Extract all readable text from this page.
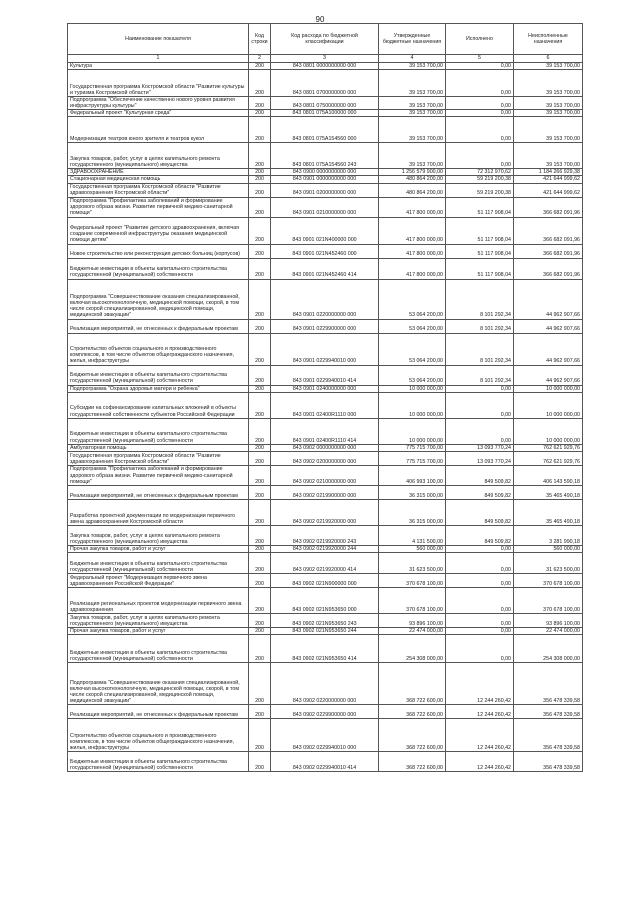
90
Наименование показателя	Код строки	Код расхода по бюджетной классификации	Утвержденные бюджетные назначения	Исполнено	Неисполненные назначения
1	2	3	4	5	6
Культура	200	843 0801 0000000000 000	39 153 700,00	0,00	39 153 700,00
Государственная программа Костромской области "Развитие культуры и туризма Костромской области"	200	843 0801 0700000000 000	39 153 700,00	0,00	39 153 700,00
Подпрограмма "Обеспечение качественно нового уровня развития инфраструктуры культуры"	200	843 0801 0750000000 000	39 153 700,00	0,00	39 153 700,00
Федеральный проект "Культурная среда"	200	843 0801 075A100000 000	39 153 700,00	0,00	39 153 700,00
Модернизация театров юного зрителя и театров кукол	200	843 0801 075A154560 000	39 153 700,00	0,00	39 153 700,00
Закупка товаров, работ, услуг в целях капитального ремонта государственного (муниципального) имущества	200	843 0801 075A154560 243	39 153 700,00	0,00	39 153 700,00
ЗДРАВООХРАНЕНИЕ	200	843 0900 0000000000 000	1 256 579 900,00	72 312 970,62	1 184 266 929,38
Стационарная медицинская помощь	200	843 0901 0000000000 000	480 864 200,00	59 219 200,38	421 644 999,62
Государственная программа Костромской области "Развитие здравоохранения Костромской области"	200	843 0901 0200000000 000	480 864 200,00	59 219 200,38	421 644 999,62
Подпрограмма "Профилактика заболеваний и формирование здорового образа жизни. Развитие первичной медико-санитарной помощи"	200	843 0901 0210000000 000	417 800 000,00	51 117 908,04	366 682 091,96
Федеральный проект "Развитие детского здравоохранения, включая создание современной инфраструктуры оказания медицинской помощи детям"	200	843 0901 021N400000 000	417 800 000,00	51 117 908,04	366 682 091,96
Новое строительство или реконструкция детских больниц (корпусов)	200	843 0901 021N452460 000	417 800 000,00	51 117 908,04	366 682 091,96
Бюджетные инвестиции в объекты капитального строительства государственной (муниципальной) собственности	200	843 0901 021N452460 414	417 800 000,00	51 117 908,04	366 682 091,96
Подпрограмма "Совершенствование оказания специализированной, включая высокотехнологичную, медицинской помощи, скорой, в том числе скорой специализированной, медицинской помощи, медицинской эвакуации"	200	843 0901 0220000000 000	53 064 200,00	8 101 292,34	44 962 907,66
Реализация мероприятий, не отнесенных к федеральным проектам	200	843 0901 0229900000 000	53 064 200,00	8 101 292,34	44 962 907,66
Строительство объектов социального и производственного комплексов, в том числе объектов общегражданского назначения, жилья, инфраструктуры	200	843 0901 0229940010 000	53 064 200,00	8 101 292,34	44 962 907,66
Бюджетные инвестиции в объекты капитального строительства государственной (муниципальной) собственности	200	843 0901 0229940010 414	53 064 200,00	8 101 292,34	44 962 907,66
Подпрограмма "Охрана здоровья матери и ребенка"	200	843 0901 0240000000 000	10 000 000,00	0,00	10 000 000,00
Субсидии на софинансирование капитальных вложений в объекты государственной собственности субъектов Российской Федерации	200	843 0901 02400R1110 000	10 000 000,00	0,00	10 000 000,00
Бюджетные инвестиции в объекты капитального строительства государственной (муниципальной) собственности	200	843 0901 02400R1110 414	10 000 000,00	0,00	10 000 000,00
Амбулаторная помощь	200	843 0902 0000000000 000	775 715 700,00	13 093 770,24	762 621 929,76
Государственная программа Костромской области "Развитие здравоохранения Костромской области"	200	843 0902 0200000000 000	775 715 700,00	13 093 770,24	762 621 929,76
Подпрограмма "Профилактика заболеваний и формирование здорового образа жизни. Развитие первичной медико-санитарной помощи"	200	843 0902 0210000000 000	406 993 100,00	849 509,82	406 143 590,18
Реализация мероприятий, не отнесенных к федеральным проектам	200	843 0902 0219900000 000	36 315 000,00	849 509,82	35 465 490,18
Разработка проектной документации по модернизации первичного звена здравоохранения Костромской области	200	843 0902 0219920000 000	36 315 000,00	849 509,82	35 465 490,18
Закупка товаров, работ, услуг в целях капитального ремонта государственного (муниципального) имущества	200	843 0902 0219920000 243	4 131 500,00	849 509,82	3 281 990,18
Прочая закупка товаров, работ и услуг	200	843 0902 0219920000 244	560 000,00	0,00	560 000,00
Бюджетные инвестиции в объекты капитального строительства государственной (муниципальной) собственности	200	843 0902 0219920000 414	31 623 500,00	0,00	31 623 500,00
Федеральный проект "Модернизация первичного звена здравоохранения Российской Федерации"	200	843 0902 021N900000 000	370 678 100,00	0,00	370 678 100,00
Реализация региональных проектов модернизации первичного звена здравоохранения	200	843 0902 021N953650 000	370 678 100,00	0,00	370 678 100,00
Закупка товаров, работ, услуг в целях капитального ремонта государственного (муниципального) имущества	200	843 0902 021N953650 243	93 896 100,00	0,00	93 896 100,00
Прочая закупка товаров, работ и услуг	200	843 0902 021N953650 244	22 474 000,00	0,00	22 474 000,00
Бюджетные инвестиции в объекты капитального строительства государственной (муниципальной) собственности	200	843 0902 021N953650 414	254 308 000,00	0,00	254 308 000,00
Подпрограмма "Совершенствование оказания специализированной, включая высокотехнологичную, медицинской помощи, скорой, в том числе скорой специализированной, медицинской помощи, медицинской эвакуации"	200	843 0902 0220000000 000	368 722 600,00	12 244 260,42	356 478 339,58
Реализация мероприятий, не отнесенных к федеральным проектам	200	843 0902 0229900000 000	368 722 600,00	12 244 260,42	356 478 339,58
Строительство объектов социального и производственного комплексов, в том числе объектов общегражданского назначения, жилья, инфраструктуры	200	843 0902 0229940010 000	368 722 600,00	12 244 260,42	356 478 339,58
Бюджетные инвестиции в объекты капитального строительства государственной (муниципальной) собственности	200	843 0902 0229940010 414	368 722 600,00	12 244 260,42	356 478 339,58
